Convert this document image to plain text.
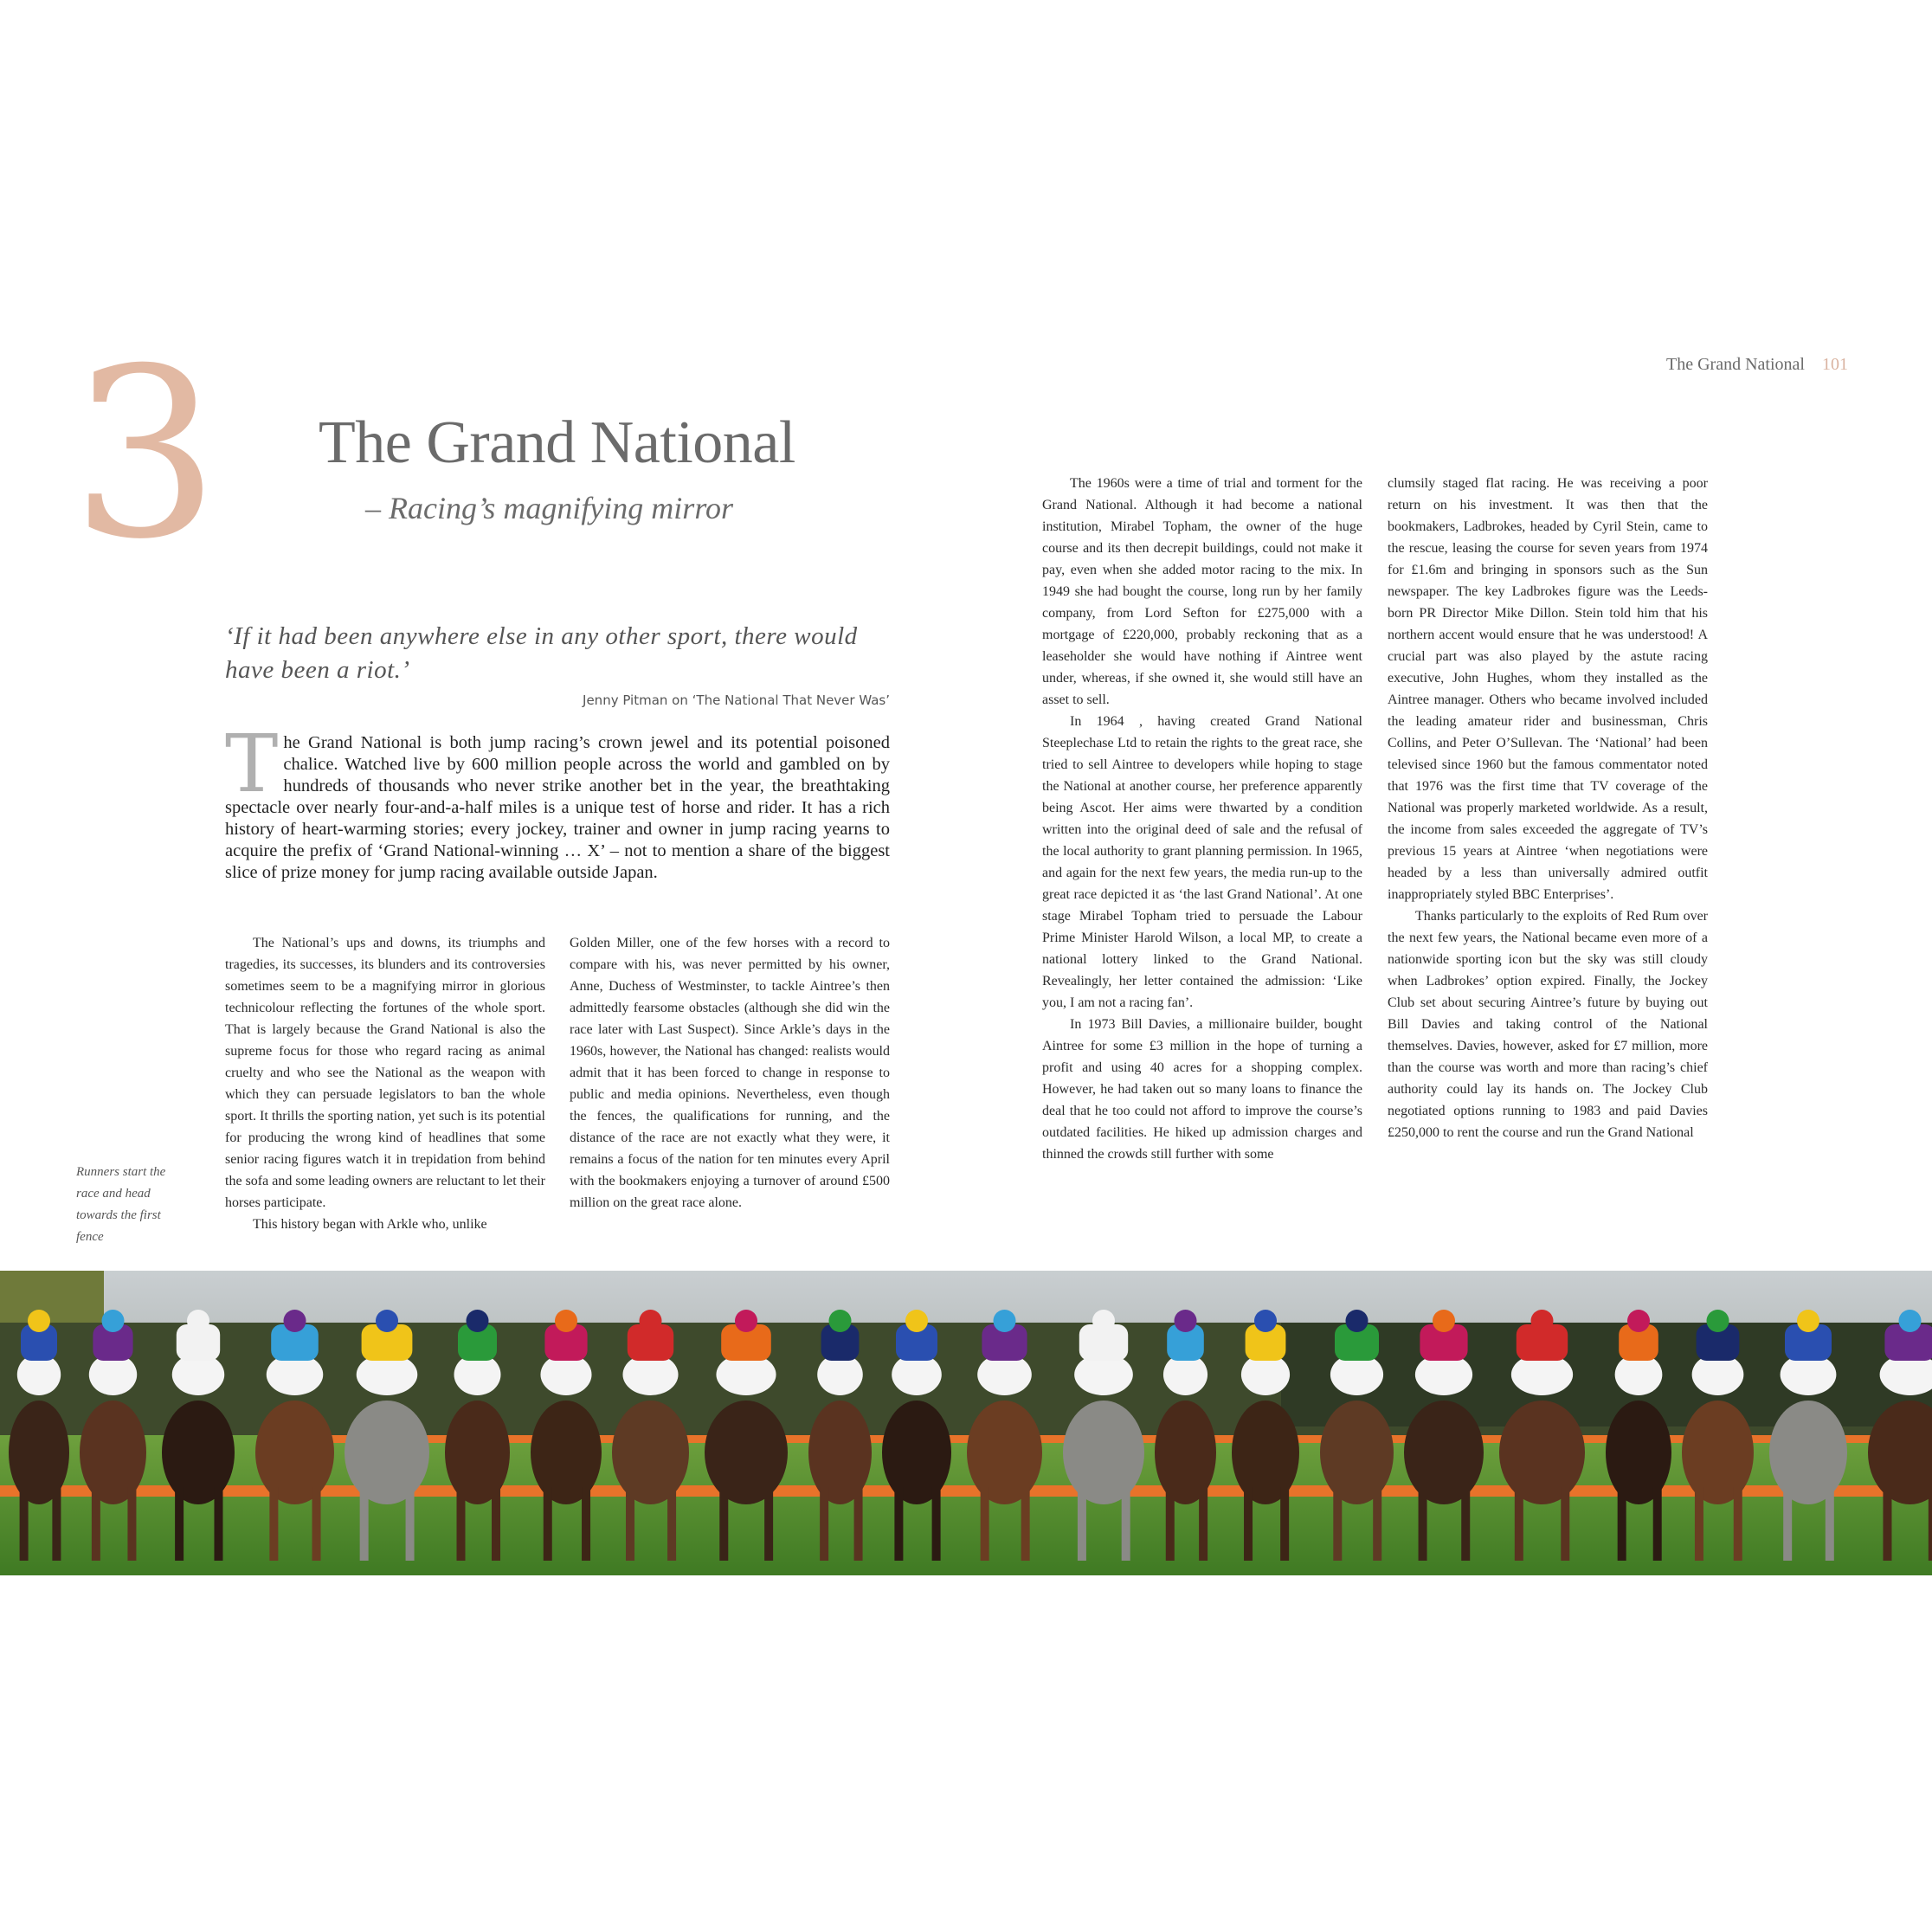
3 The Grand National
– Racing’s magnifying mirror
The Grand National 101
‘If it had been anywhere else in any other sport, there would have been a riot.’
Jenny Pitman on ‘The National That Never Was’
The Grand National is both jump racing’s crown jewel and its potential poisoned chalice. Watched live by 600 million people across the world and gambled on by hundreds of thousands who never strike another bet in the year, the breathtaking spectacle over nearly four-and-a-half miles is a unique test of horse and rider. It has a rich history of heart-warming stories; every jockey, trainer and owner in jump racing yearns to acquire the prefix of ‘Grand National-winning … X’ – not to mention a share of the biggest slice of prize money for jump racing available outside Japan.

The National’s ups and downs, its triumphs and tragedies, its successes, its blunders and its controversies sometimes seem to be a magnifying mirror in glorious technicolour reflecting the fortunes of the whole sport. That is largely because the Grand National is also the supreme focus for those who regard racing as animal cruelty and who see the National as the weapon with which they can persuade legislators to ban the whole sport. It thrills the sporting nation, yet such is its potential for producing the wrong kind of headlines that some senior racing figures watch it in trepidation from behind the sofa and some leading owners are reluctant to let their horses participate.

This history began with Arkle who, unlike

Golden Miller, one of the few horses with a record to compare with his, was never permitted by his owner, Anne, Duchess of Westminster, to tackle Aintree’s then admittedly fearsome obstacles (although she did win the race later with Last Suspect). Since Arkle’s days in the 1960s, however, the National has changed: realists would admit that it has been forced to change in response to public and media opinions. Nevertheless, even though the fences, the qualifications for running, and the distance of the race are not exactly what they were, it remains a focus of the nation for ten minutes every April with the bookmakers enjoying a turnover of around £500 million on the great race alone.

The 1960s were a time of trial and torment for the Grand National. Although it had become a national institution, Mirabel Topham, the owner of the huge course and its then decrepit buildings, could not make it pay, even when she added motor racing to the mix. In 1949 she had bought the course, long run by her family company, from Lord Sefton for £275,000 with a mortgage of £220,000, probably reckoning that as a leaseholder she would have nothing if Aintree went under, whereas, if she owned it, she would still have an asset to sell.

In 1964 , having created Grand National Steeplechase Ltd to retain the rights to the great race, she tried to sell Aintree to developers while hoping to stage the National at another course, her preference apparently being Ascot. Her aims were thwarted by a condition written into the original deed of sale and the refusal of the local authority to grant planning permission. In 1965, and again for the next few years, the media run-up to the great race depicted it as ‘the last Grand National’. At one stage Mirabel Topham tried to persuade the Labour Prime Minister Harold Wilson, a local MP, to create a national lottery linked to the Grand National. Revealingly, her letter contained the admission: ‘Like you, I am not a racing fan’.

In 1973 Bill Davies, a millionaire builder, bought Aintree for some £3 million in the hope of turning a profit and using 40 acres for a shopping complex. However, he had taken out so many loans to finance the deal that he too could not afford to improve the course’s outdated facilities. He hiked up admission charges and thinned the crowds still further with some

clumsily staged flat racing. He was receiving a poor return on his investment. It was then that the bookmakers, Ladbrokes, headed by Cyril Stein, came to the rescue, leasing the course for seven years from 1974 for £1.6m and bringing in sponsors such as the Sun newspaper. The key Ladbrokes figure was the Leeds-born PR Director Mike Dillon. Stein told him that his northern accent would ensure that he was understood! A crucial part was also played by the astute racing executive, John Hughes, whom they installed as the Aintree manager. Others who became involved included the leading amateur rider and businessman, Chris Collins, and Peter O’Sullevan. The ‘National’ had been televised since 1960 but the famous commentator noted that 1976 was the first time that TV coverage of the National was properly marketed worldwide. As a result, the income from sales exceeded the aggregate of TV’s previous 15 years at Aintree ‘when negotiations were headed by a less than universally admired outfit inappropriately styled BBC Enterprises’.

Thanks particularly to the exploits of Red Rum over the next few years, the National became even more of a nationwide sporting icon but the sky was still cloudy when Ladbrokes’ option expired. Finally, the Jockey Club set about securing Aintree’s future by buying out Bill Davies and taking control of the National themselves. Davies, however, asked for £7 million, more than the course was worth and more than racing’s chief authority could lay its hands on. The Jockey Club negotiated options running to 1983 and paid Davies £250,000 to rent the course and run the Grand National

Runners start the race and head towards the first fence
